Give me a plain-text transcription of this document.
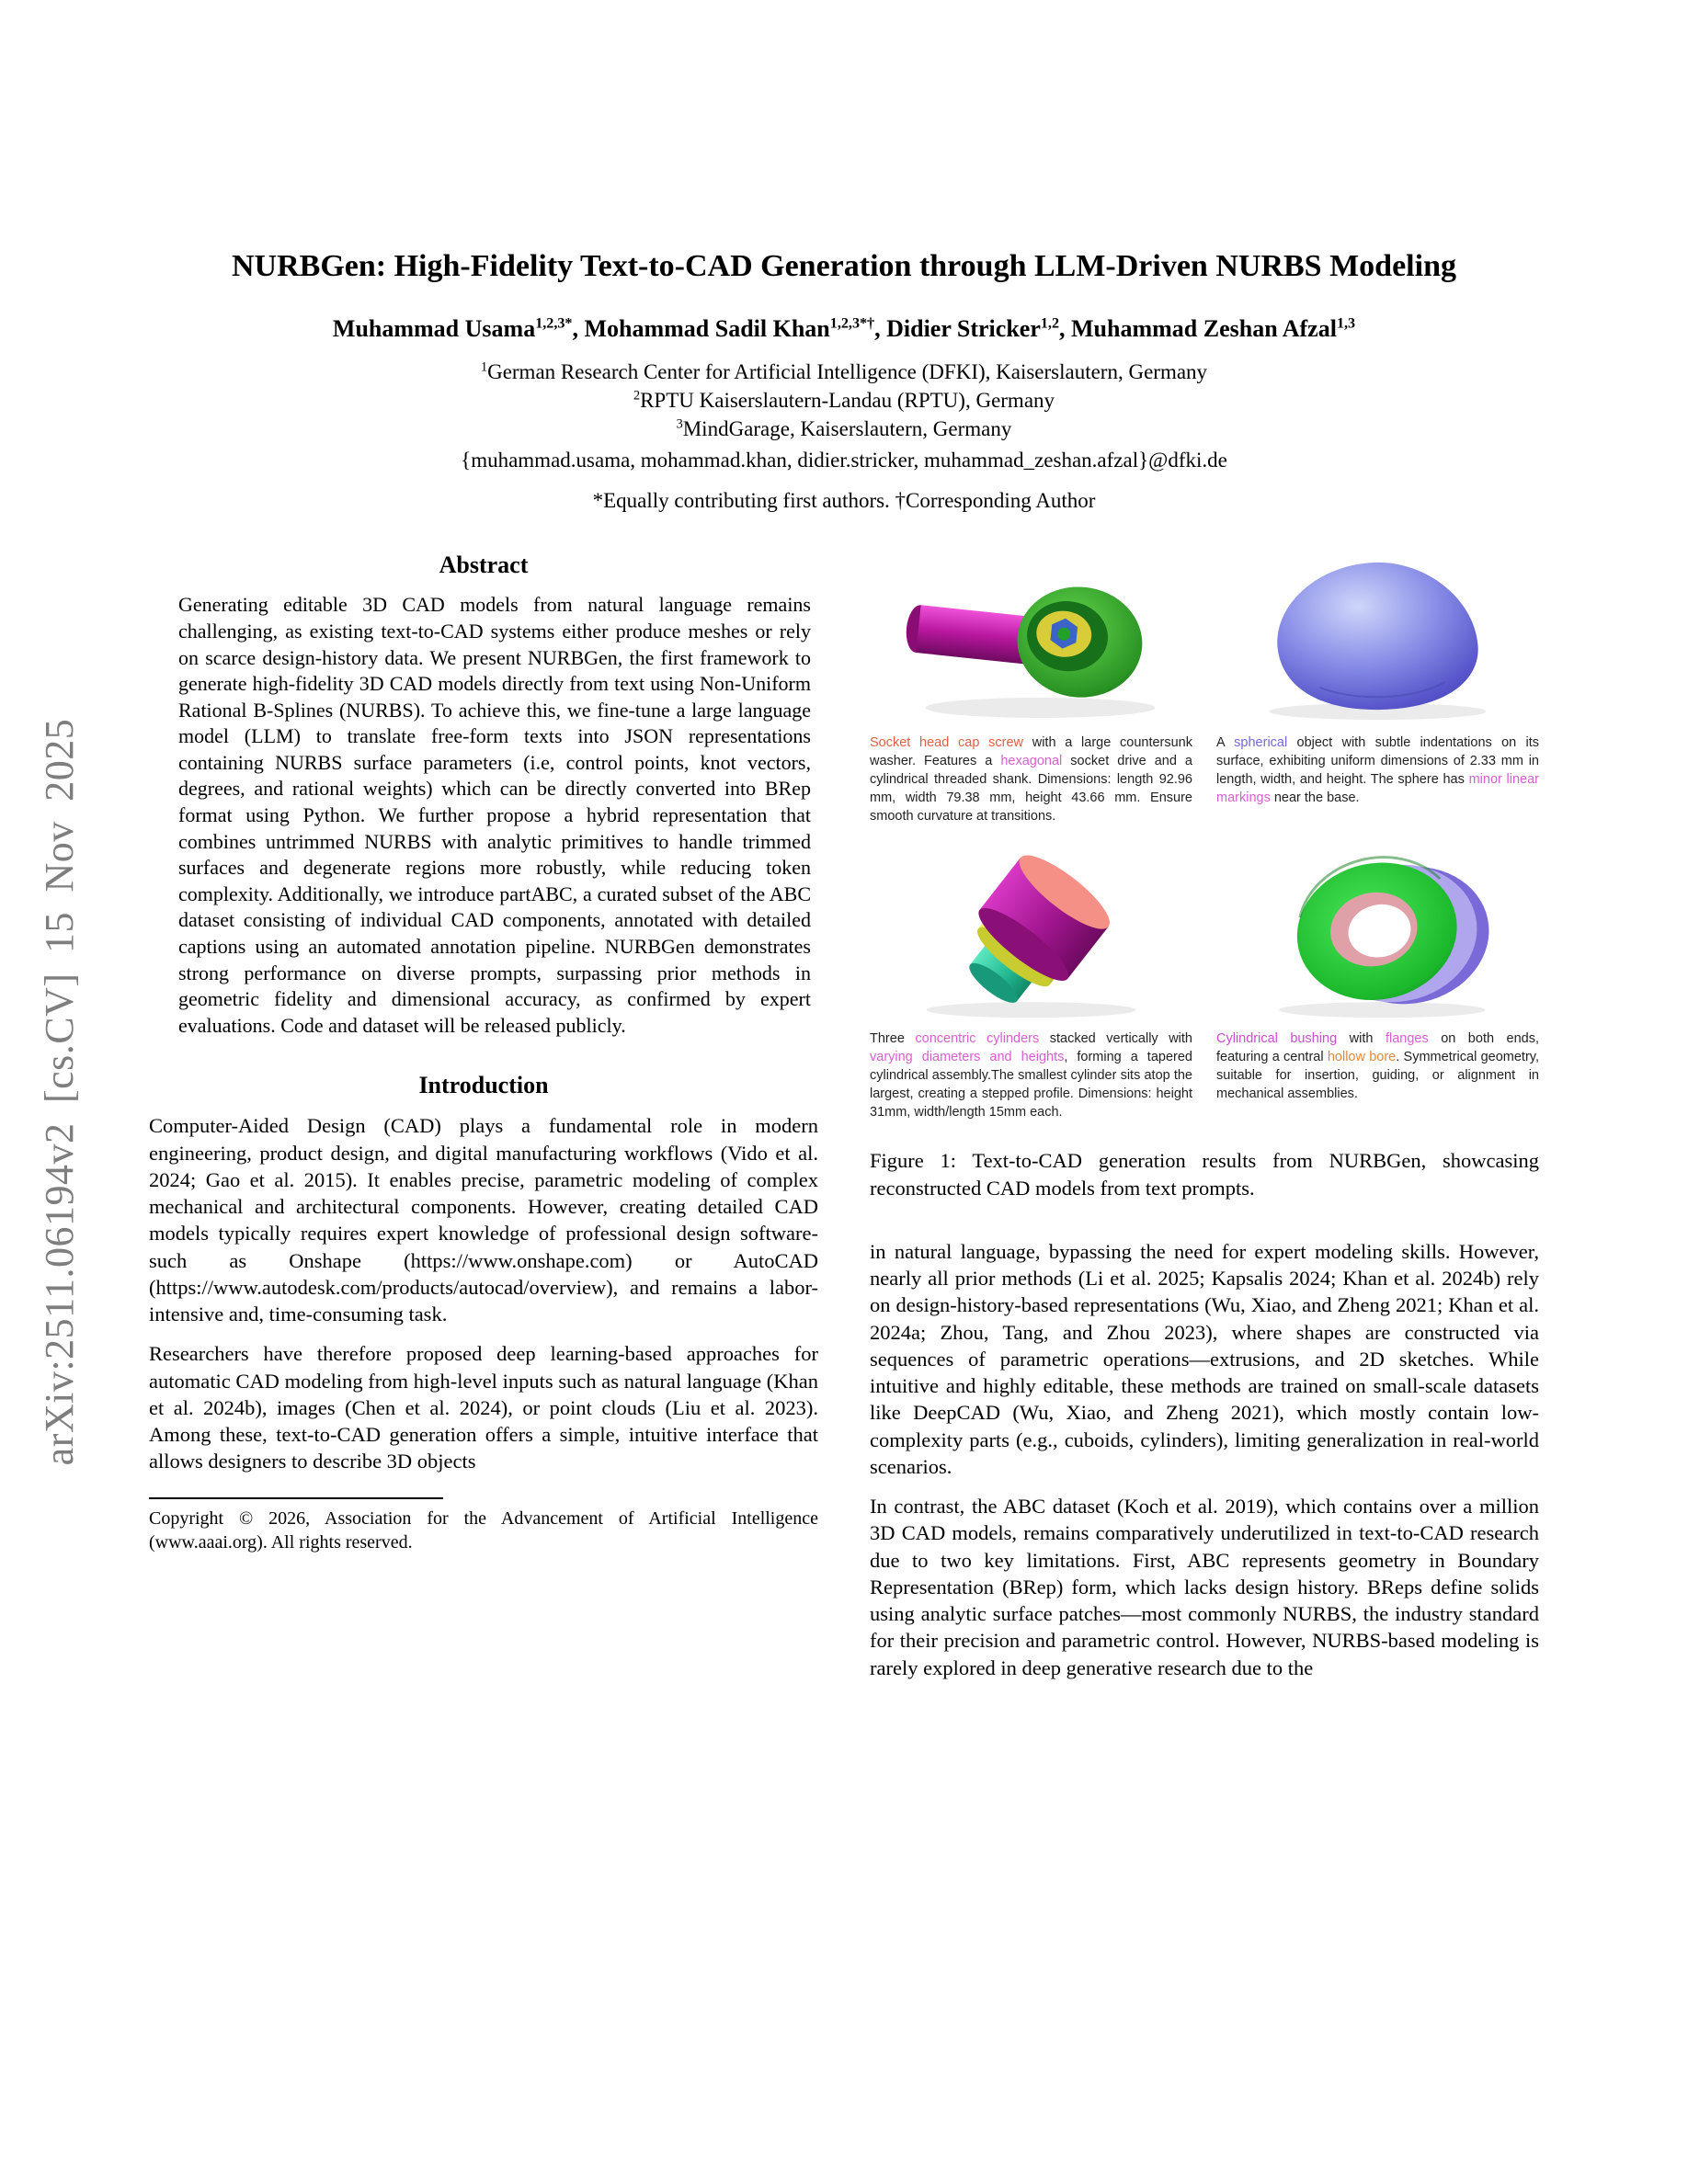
arXiv:2511.06194v2 [cs.CV] 15 Nov 2025
NURBGen: High-Fidelity Text-to-CAD Generation through LLM-Driven NURBS Modeling
Muhammad Usama$^{1,2,3*}$, Mohammad Sadil Khan$^{1,2,3*\dagger}$, Didier Stricker$^{1,2}$, Muhammad Zeshan Afzal$^{1,3}$
$^1$German Research Center for Artificial Intelligence (DFKI), Kaiserslautern, Germany
$^2$RPTU Kaiserslautern-Landau (RPTU), Germany
$^3$MindGarage, Kaiserslautern, Germany
{muhammad.usama, mohammad.khan, didier.stricker, muhammad_zeshan.afzal}@dfki.de
*Equally contributing first authors. †Corresponding Author
Abstract

Generating editable 3D CAD models from natural language remains challenging, as existing text-to-CAD systems either produce meshes or rely on scarce design-history data. We present NURBGen, the first framework to generate high-fidelity 3D CAD models directly from text using Non-Uniform Rational B-Splines (NURBS). To achieve this, we fine-tune a large language model (LLM) to translate free-form texts into JSON representations containing NURBS surface parameters (i.e, control points, knot vectors, degrees, and rational weights) which can be directly converted into BRep format using Python. We further propose a hybrid representation that combines untrimmed NURBS with analytic primitives to handle trimmed surfaces and degenerate regions more robustly, while reducing token complexity. Additionally, we introduce partABC, a curated subset of the ABC dataset consisting of individual CAD components, annotated with detailed captions using an automated annotation pipeline. NURBGen demonstrates strong performance on diverse prompts, surpassing prior methods in geometric fidelity and dimensional accuracy, as confirmed by expert evaluations. Code and dataset will be released publicly.

Introduction

Computer-Aided Design (CAD) plays a fundamental role in modern engineering, product design, and digital manufacturing workflows (Vido et al. 2024; Gao et al. 2015). It enables precise, parametric modeling of complex mechanical and architectural components. However, creating detailed CAD models typically requires expert knowledge of professional design software-such as Onshape (https://www.onshape.com) or AutoCAD (https://www.autodesk.com/products/autocad/overview), and remains a labor-intensive and, time-consuming task.

Researchers have therefore proposed deep learning-based approaches for automatic CAD modeling from high-level inputs such as natural language (Khan et al. 2024b), images (Chen et al. 2024), or point clouds (Liu et al. 2023). Among these, text-to-CAD generation offers a simple, intuitive interface that allows designers to describe 3D objects

Copyright © 2026, Association for the Advancement of Artificial Intelligence (www.aaai.org). All rights reserved.

Socket head cap screw with a large countersunk washer. Features a hexagonal socket drive and a cylindrical threaded shank. Dimensions: length 92.96 mm, width 79.38 mm, height 43.66 mm. Ensure smooth curvature at transitions.

A spherical object with subtle indentations on its surface, exhibiting uniform dimensions of 2.33 mm in length, width, and height. The sphere has minor linear markings near the base.

Three concentric cylinders stacked vertically with varying diameters and heights, forming a tapered cylindrical assembly.The smallest cylinder sits atop the largest, creating a stepped profile. Dimensions: height 31mm, width/length 15mm each.

Cylindrical bushing with flanges on both ends, featuring a central hollow bore. Symmetrical geometry, suitable for insertion, guiding, or alignment in mechanical assemblies.

Figure 1: Text-to-CAD generation results from NURBGen, showcasing reconstructed CAD models from text prompts.

in natural language, bypassing the need for expert modeling skills. However, nearly all prior methods (Li et al. 2025; Kapsalis 2024; Khan et al. 2024b) rely on design-history-based representations (Wu, Xiao, and Zheng 2021; Khan et al. 2024a; Zhou, Tang, and Zhou 2023), where shapes are constructed via sequences of parametric operations—extrusions, and 2D sketches. While intuitive and highly editable, these methods are trained on small-scale datasets like DeepCAD (Wu, Xiao, and Zheng 2021), which mostly contain low-complexity parts (e.g., cuboids, cylinders), limiting generalization in real-world scenarios.

In contrast, the ABC dataset (Koch et al. 2019), which contains over a million 3D CAD models, remains comparatively underutilized in text-to-CAD research due to two key limitations. First, ABC represents geometry in Boundary Representation (BRep) form, which lacks design history. BReps define solids using analytic surface patches—most commonly NURBS, the industry standard for their precision and parametric control. However, NURBS-based modeling is rarely explored in deep generative research due to the
